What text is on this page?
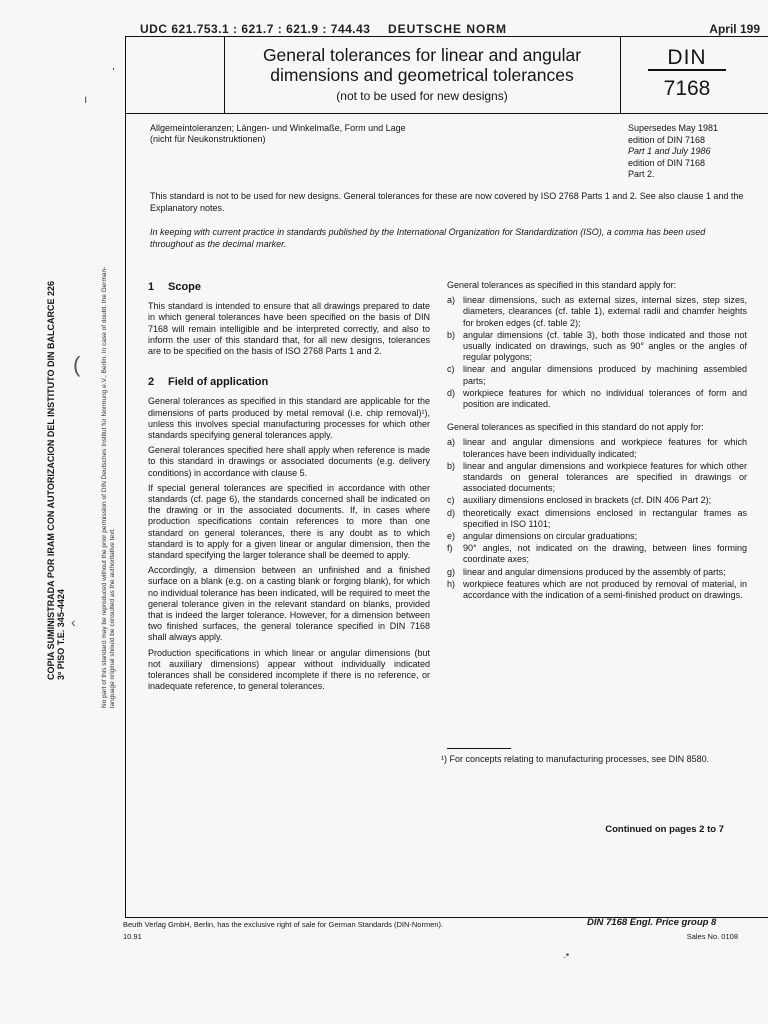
UDC 621.753.1 : 621.7 : 621.9 : 744.43 DEUTSCHE NORM	April 199
General tolerances for linear and angular
dimensions and geometrical tolerances
(not to be used for new designs)
DIN
7168
,
Allgemeintoleranzen; Längen- und Winkelmaße, Form und Lage
(nicht für Neukonstruktionen)
Supersedes May 1981
edition of DIN 7168
Part 1 and July 1986
edition of DIN 7168
Part 2.
This standard is not to be used for new designs. General tolerances for these are now covered by ISO 2768 Parts 1 and 2. See also clause 1 and the Explanatory notes.
In keeping with current practice in standards published by the International Organization for Standardization (ISO), a comma has been used throughout as the decimal marker.
1 Scope

This standard is intended to ensure that all drawings prepared to date in which general tolerances have been specified on the basis of DIN 7168 will remain intelligible and be interpreted correctly, and also to inform the user of this standard that, for all new designs, tolerances are to be specified on the basis of ISO 2768 Parts 1 and 2.

2 Field of application

General tolerances as specified in this standard are applicable for the dimensions of parts produced by metal removal (i.e. chip removal)¹), unless this involves special manufacturing processes for which other standards specifying general tolerances apply.

General tolerances specified here shall apply when reference is made to this standard in drawings or associated documents (e.g. delivery conditions) in accordance with clause 5.

If special general tolerances are specified in accordance with other standards (cf. page 6), the standards concerned shall be indicated on the drawing or in the associated documents. If, in cases where production specifications contain references to more than one standard on general tolerances, there is any doubt as to which standard is to apply for a given linear or angular dimension, then the standard specifying the larger tolerance shall be deemed to apply.

Accordingly, a dimension between an unfinished and a finished surface on a blank (e.g. on a casting blank or forging blank), for which no individual tolerance has been indicated, will be required to meet the general tolerance given in the relevant standard on blanks, provided that is indeed the larger tolerance. However, for a dimension between two finished surfaces, the general tolerance specified in DIN 7168 shall always apply.

Production specifications in which linear or angular dimensions (but not auxiliary dimensions) appear without individually indicated tolerances shall be considered incomplete if there is no reference, or inadequate reference, to general tolerances.

General tolerances as specified in this standard apply for:

a) linear dimensions, such as external sizes, internal sizes, step sizes, diameters, clearances (cf. table 1), external radii and chamfer heights for broken edges (cf. table 2);
b) angular dimensions (cf. table 3), both those indicated and those not usually indicated on drawings, such as 90° angles or the angles of regular polygons;
c) linear and angular dimensions produced by machining assembled parts;
d) workpiece features for which no individual tolerances of form and position are indicated.

General tolerances as specified in this standard do not apply for:

a) linear and angular dimensions and workpiece features for which tolerances have been individually indicated;
b) linear and angular dimensions and workpiece features for which other standards on general tolerances are specified in drawings or associated documents;
c) auxiliary dimensions enclosed in brackets (cf. DIN 406 Part 2);
d) theoretically exact dimensions enclosed in rectangular frames as specified in ISO 1101;
e) angular dimensions on circular graduations;
f) 90° angles, not indicated on the drawing, between lines forming coordinate axes;
g) linear and angular dimensions produced by the assembly of parts;
h) workpiece features which are not produced by removal of material, in accordance with the indication of a semi-finished product on drawings.
¹) For concepts relating to manufacturing processes, see DIN 8580.
Continued on pages 2 to 7
Beuth Verlag GmbH, Berlin, has the exclusive right of sale for German Standards (DIN-Normen).
10.91
DIN 7168 Engl. Price group 8
Sales No. 0108
COPIA SUMINISTRADA POR IRAM CON AUTORIZACION DEL INSTITUTO DIN BALCARCE 226 3º PISO T.E. 345-4424	No part of this standard may be reproduced without the prior permission of DIN Deutsches Institut für Normung e.V., Berlin. In case of doubt, the German-language original should be consulted as the authoritative text.
ı
(
‹
.•
